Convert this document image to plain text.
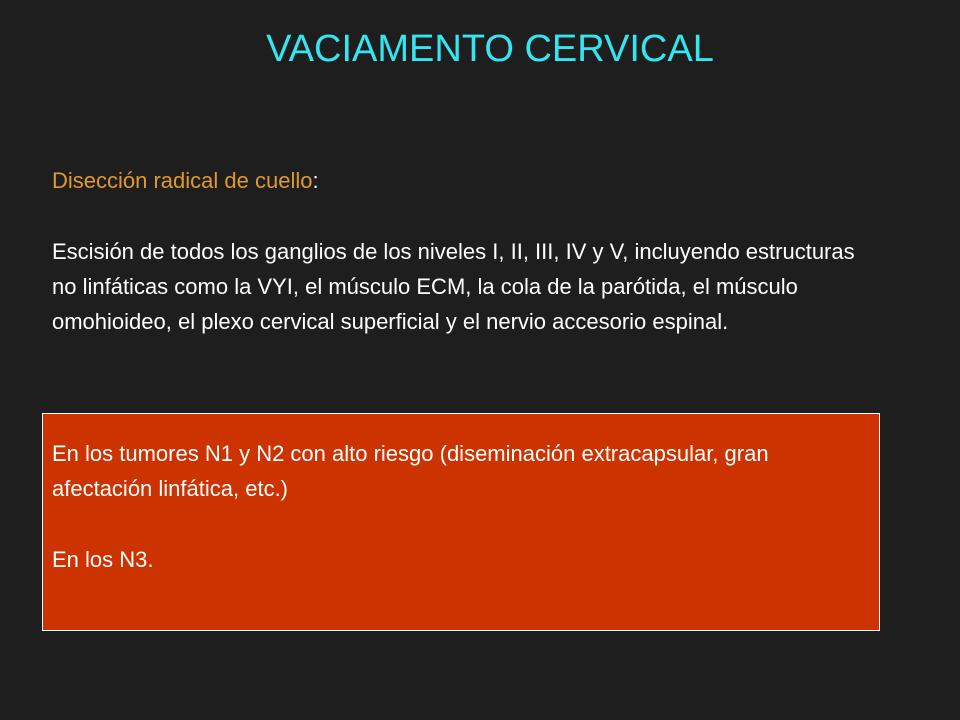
VACIAMENTO CERVICAL

Disección radical de cuello:

Escisión de todos los ganglios de los niveles I, II, III, IV y V, incluyendo estructuras no linfáticas como la VYI, el músculo ECM, la cola de la parótida, el músculo omohioideo, el plexo cervical superficial y el nervio accesorio espinal.

En los tumores N1 y N2 con alto riesgo (diseminación extracapsular, gran afectación linfática, etc.)

En los N3.
